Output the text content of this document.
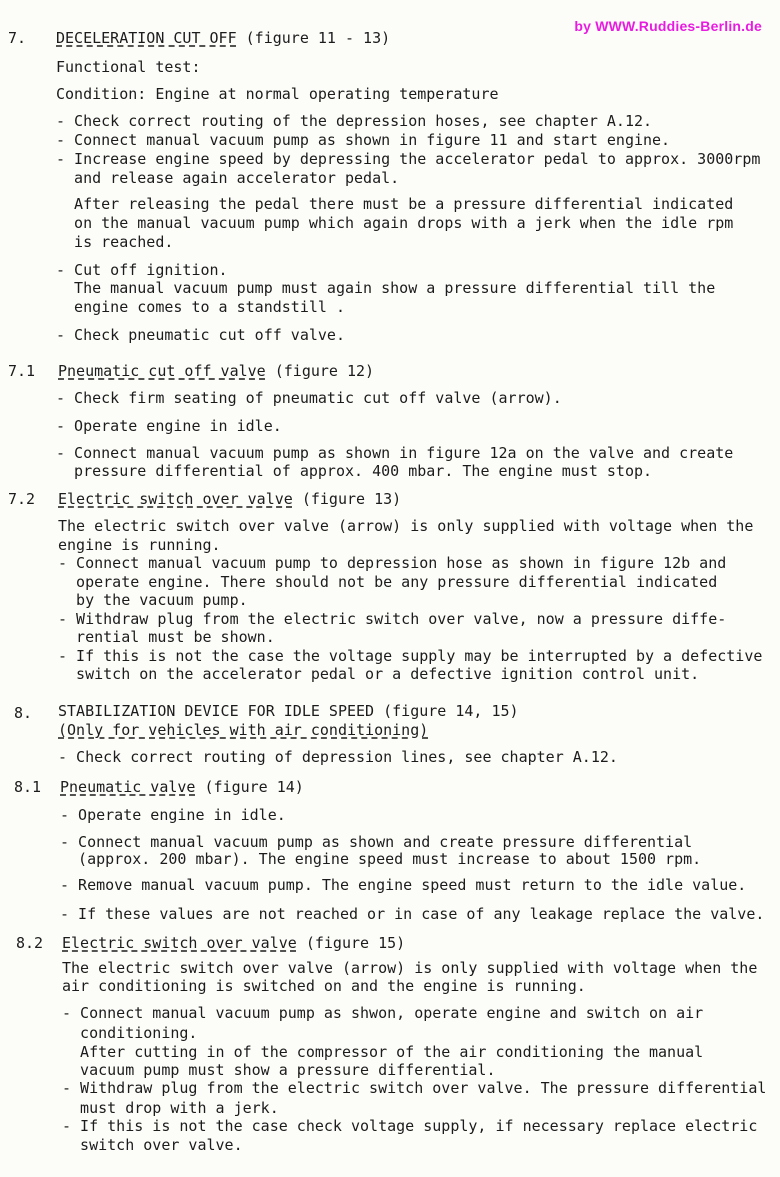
by WWW.Ruddies-Berlin.de
7. DECELERATION CUT OFF (figure 11 - 13)
Functional test:
Condition: Engine at normal operating temperature
- Check correct routing of the depression hoses, see chapter A.12.
- Connect manual vacuum pump as shown in figure 11 and start engine.
- Increase engine speed by depressing the accelerator pedal to approx. 3000rpm
and release again accelerator pedal.
After releasing the pedal there must be a pressure differential indicated
on the manual vacuum pump which again drops with a jerk when the idle rpm
is reached.
- Cut off ignition.
The manual vacuum pump must again show a pressure differential till the
engine comes to a standstill .
- Check pneumatic cut off valve.
7.1 Pneumatic cut off valve (figure 12)
- Check firm seating of pneumatic cut off valve (arrow).
- Operate engine in idle.
- Connect manual vacuum pump as shown in figure 12a on the valve and create
pressure differential of approx. 400 mbar. The engine must stop.
7.2 Electric switch over valve (figure 13)
The electric switch over valve (arrow) is only supplied with voltage when the
engine is running.
- Connect manual vacuum pump to depression hose as shown in figure 12b and
operate engine. There should not be any pressure differential indicated
by the vacuum pump.
- Withdraw plug from the electric switch over valve, now a pressure diffe-
rential must be shown.
- If this is not the case the voltage supply may be interrupted by a defective
switch on the accelerator pedal or a defective ignition control unit.
8. STABILIZATION DEVICE FOR IDLE SPEED (figure 14, 15)
(Only for vehicles with air conditioning)
- Check correct routing of depression lines, see chapter A.12.
8.1 Pneumatic valve (figure 14)
- Operate engine in idle.
- Connect manual vacuum pump as shown and create pressure differential
(approx. 200 mbar). The engine speed must increase to about 1500 rpm.
- Remove manual vacuum pump. The engine speed must return to the idle value.
- If these values are not reached or in case of any leakage replace the valve.
8.2 Electric switch over valve (figure 15)
The electric switch over valve (arrow) is only supplied with voltage when the
air conditioning is switched on and the engine is running.
- Connect manual vacuum pump as shwon, operate engine and switch on air
conditioning.
After cutting in of the compressor of the air conditioning the manual
vacuum pump must show a pressure differential.
- Withdraw plug from the electric switch over valve. The pressure differential
must drop with a jerk.
- If this is not the case check voltage supply, if necessary replace electric
switch over valve.
